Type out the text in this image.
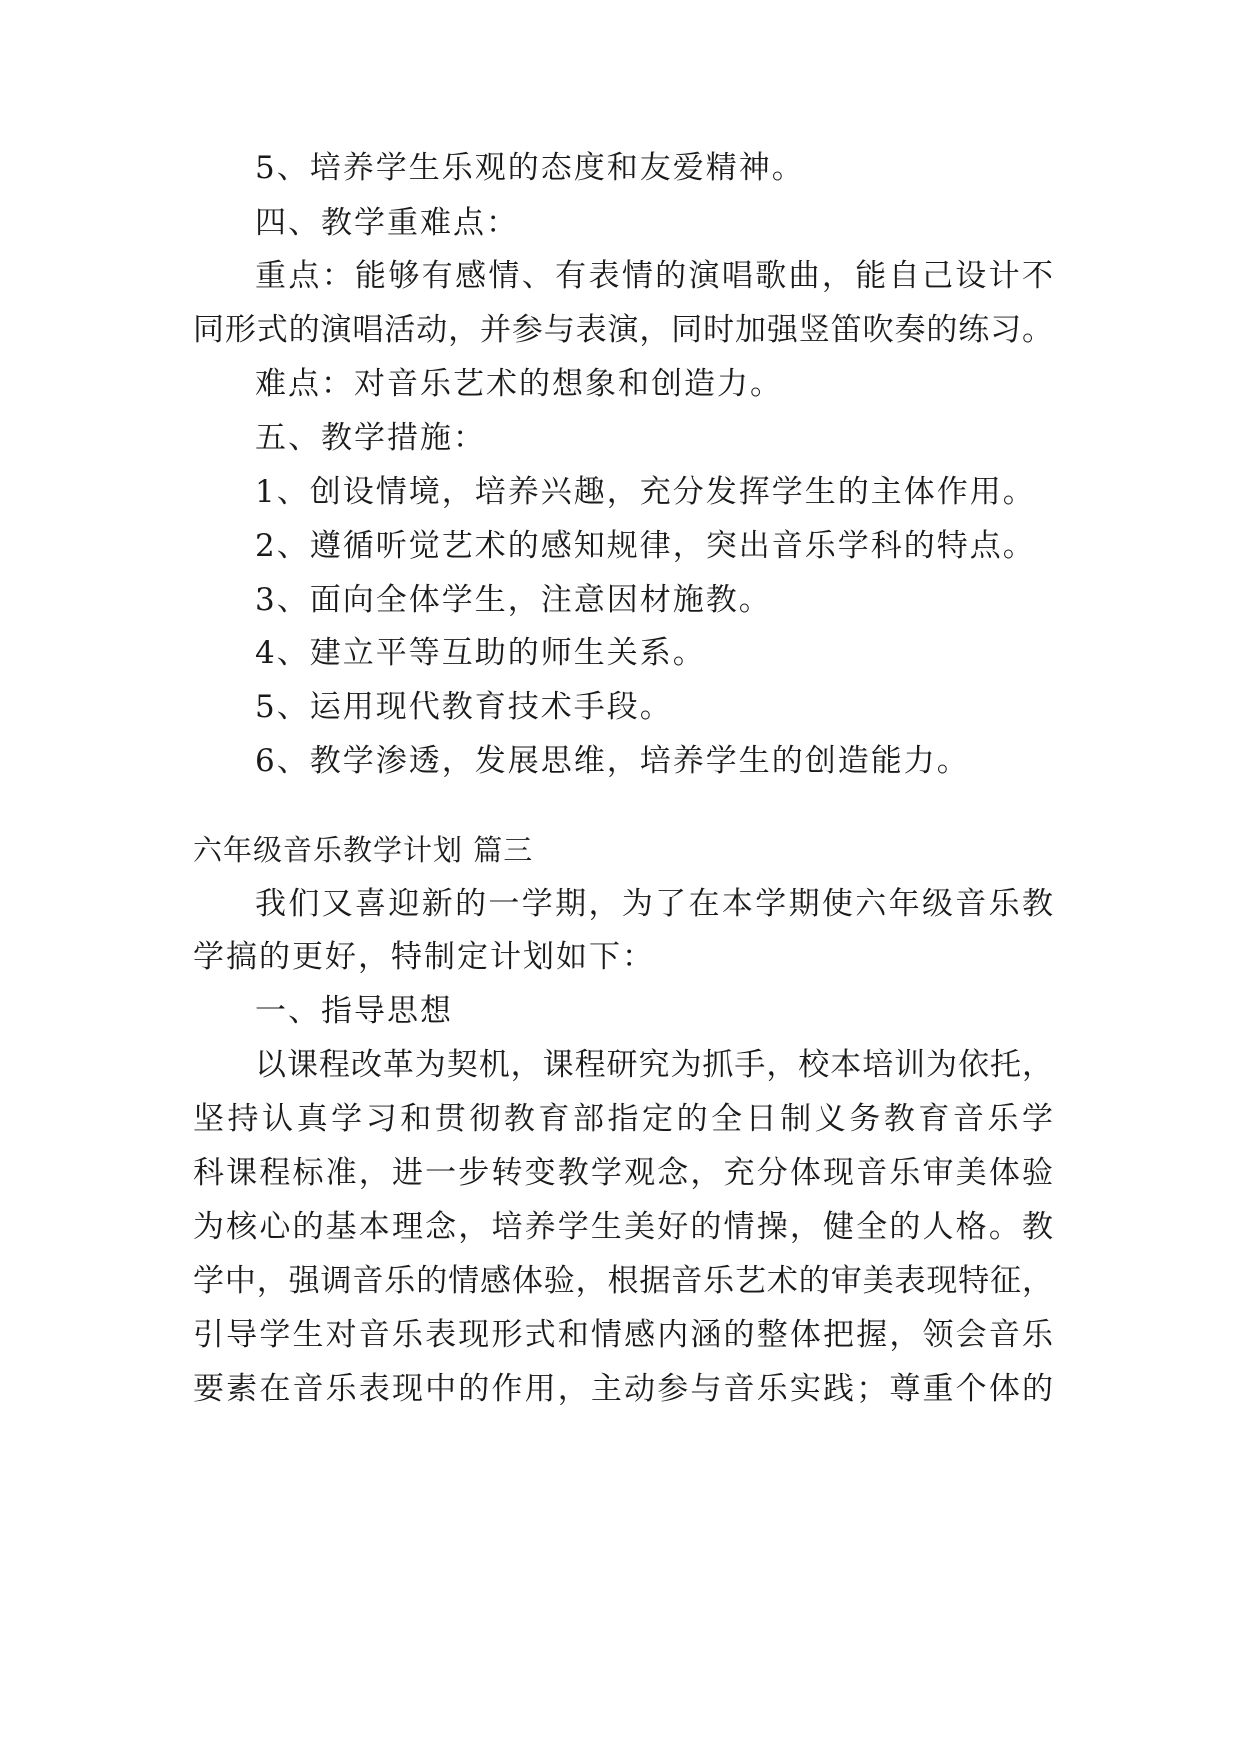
5、培养学生乐观的态度和友爱精神。
四、教学重难点：
重点：能够有感情、有表情的演唱歌曲，能自己设计不
同形式的演唱活动，并参与表演，同时加强竖笛吹奏的练习。
难点：对音乐艺术的想象和创造力。
五、教学措施：
1、创设情境，培养兴趣，充分发挥学生的主体作用。
2、遵循听觉艺术的感知规律，突出音乐学科的特点。
3、面向全体学生，注意因材施教。
4、建立平等互助的师生关系。
5、运用现代教育技术手段。
6、教学渗透，发展思维，培养学生的创造能力。
六年级音乐教学计划 篇三
我们又喜迎新的一学期，为了在本学期使六年级音乐教
学搞的更好，特制定计划如下：
一、指导思想
以课程改革为契机，课程研究为抓手，校本培训为依托，
坚持认真学习和贯彻教育部指定的全日制义务教育音乐学
科课程标准，进一步转变教学观念，充分体现音乐审美体验
为核心的基本理念，培养学生美好的情操，健全的人格。教
学中，强调音乐的情感体验，根据音乐艺术的审美表现特征，
引导学生对音乐表现形式和情感内涵的整体把握，领会音乐
要素在音乐表现中的作用，主动参与音乐实践；尊重个体的
